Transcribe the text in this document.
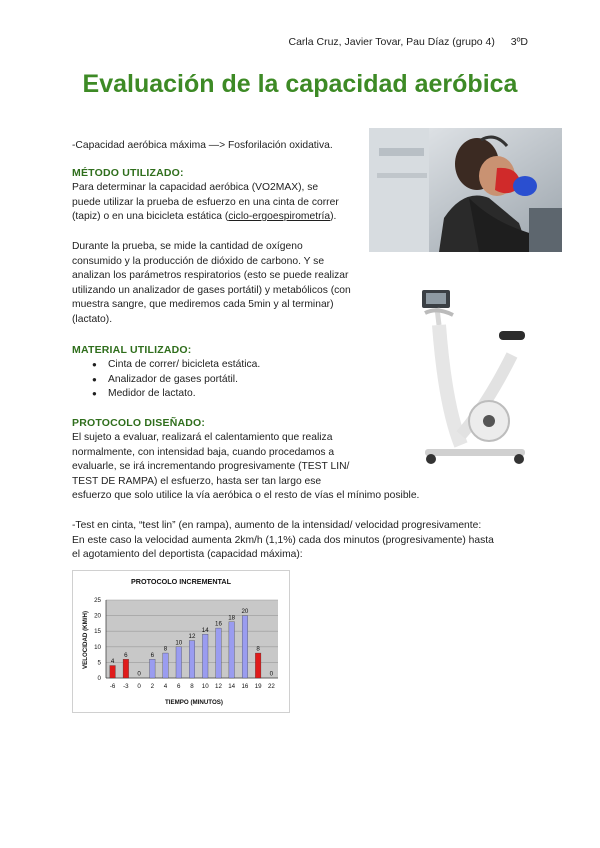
Carla Cruz, Javier Tovar, Pau Díaz (grupo 4) 3ºD
Evaluación de la capacidad aeróbica
-Capacidad aeróbica máxima —> Fosforilación oxidativa.
MÉTODO UTILIZADO:
Para determinar la capacidad aeróbica (VO2MAX), se
puede utilizar la prueba de esfuerzo en una cinta de correr
(tapiz) o en una bicicleta estática (ciclo-ergoespirometría).
Durante la prueba, se mide la cantidad de oxígeno
consumido y la producción de dióxido de carbono. Y se
analizan los parámetros respiratorios (esto se puede realizar
utilizando un analizador de gases portátil) y metabólicos (con
muestra sangre, que mediremos cada 5min y al terminar)
(lactato).
MATERIAL UTILIZADO:
● Cinta de correr/ bicicleta estática.
● Analizador de gases portátil.
● Medidor de lactato.
PROTOCOLO DISEÑADO:
El sujeto a evaluar, realizará el calentamiento que realiza
normalmente, con intensidad baja, cuando procedamos a
evaluarle, se irá incrementando progresivamente (TEST LIN/
TEST DE RAMPA) el esfuerzo, hasta ser tan largo ese
esfuerzo que solo utilice la vía aeróbica o el resto de vías el mínimo posible.
-Test en cinta, “test lin” (en rampa), aumento de la intensidad/ velocidad progresivamente:
En este caso la velocidad aumenta 2km/h (1,1%) cada dos minutos (progresivamente) hasta
el agotamiento del deportista (capacidad máxima):
PROTOCOLO INCREMENTAL
VELOCIDAD (KM/H)
TIEMPO (MINUTOS)
0
5
10
15
20
25
4
-6
6
-3
0
0
6
2
8
4
10
6
12
8
14
10
16
12
18
14
20
16
8
19
0
22
